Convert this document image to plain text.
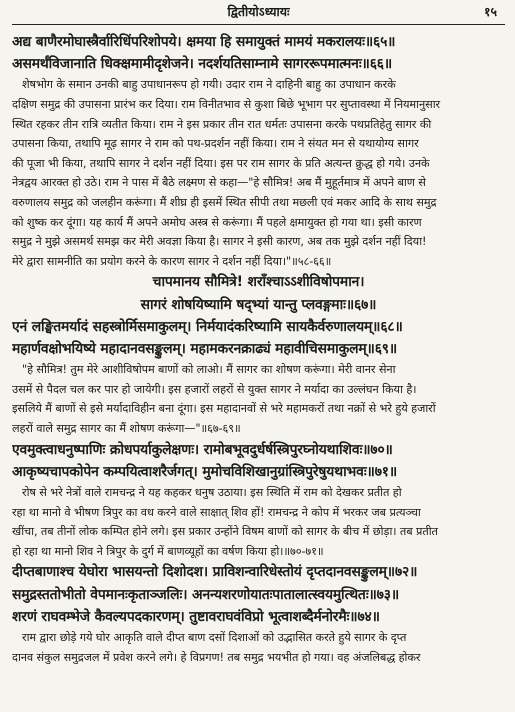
द्वितीयोऽध्यायः	१५
अद्य बाणैरमोघास्त्रैर्वारिधिंपरिशोपये। क्षमया हि समायुक्तं मामयं मकरालयः॥६५॥
असमर्थंविजानाति धिक्क्षमामीदृशेजने। नदर्शयतिसाम्नामे सागररूपमात्मनः॥६६॥
शेषभोग के समान उनकी बाहु उपाधानरूप हो गयी। उदार राम ने दाहिनी बाहु का उपाधान करके
दक्षिण समुद्र की उपासना प्रारंभ कर दिया। राम विनीतभाव से कुशा बिछे भूभाग पर सुप्तावस्था में नियमानुसार
स्थित रहकर तीन रात्रि व्यतीत किया। राम ने इस प्रकार तीन रात धर्मतः उपासना करके पथप्रतिहेतु सागर की
उपासना किया, तथापि मूढ़ सागर ने राम को पथ-प्रदर्शन नहीं किया। राम ने संयत मन से यथायोग्य सागर
की पूजा भी किया, तथापि सागर ने दर्शन नहीं दिया। इस पर राम सागर के प्रति अत्यन्त क्रुद्ध हो गये। उनके
नेत्रद्वय आरक्त हो उठे। राम ने पास में बैठे लक्ष्मण से कहा—"हे सौमित्र! अब मैं मुहूर्तमात्र में अपने बाण से
वरुणालय समुद्र को जलहीन करूंगा। मैं शीघ्र ही इसमें स्थित सीपी तथा मछली एवं मकर आदि के साथ समुद्र
को शुष्क कर दूंगा। यह कार्य मैं अपने अमोघ अस्त्र से करूंगा। मैं पहले क्षमायुक्त हो गया था। इसी कारण
समुद्र ने मुझे असमर्थ समझ कर मेरी अवज्ञा किया है। सागर ने इसी कारण, अब तक मुझे दर्शन नहीं दिया!
मेरे द्वारा सामनीति का प्रयोग करने के कारण सागर ने दर्शन नहीं दिया।"॥५८-६६॥
चापमानय सौमित्रे! शराँश्चाऽऽशीविषोपमान।
सागरं शोषयिष्यामि षद्भ्यां यान्तु प्लवङ्गमाः॥६७॥
एनं लङ्घितमर्यादं सहस्त्रोर्मिसमाकुलम्। निर्मयादंकरिष्यामि सायकैर्वरुणालयम्॥६८॥
महार्णवक्षोभयिष्ये महादानवसङ्कुलम्। महामकरनक्राढ्यं महावीचिसमाकुलम्॥६९॥
"हे सौमित्र! तुम मेरे आशीविषोपम बाणों को लाओ। मैं सागर का शोषण करूंगा। मेरी वानर सेना
उसमें से पैदल चल कर पार हो जायेगी। इस हजारों लहरों से युक्त सागर ने मर्यादा का उल्लंघन किया है।
इसलिये मैं बाणों से इसे मर्यादाविहीन बना दूंगा। इस महादानवों से भरे महामकरों तथा नक्रों से भरे हुये हजारों
लहरों वाले समुद्र सागर का मैं शोषण करूंगा—"॥६७-६९॥
एवमुक्त्वाधनुष्पाणिः क्रोधपर्याकुलेक्षणः। रामोबभूवदुर्धर्षस्त्रिपुरघ्नोयथाशिवः॥७०॥
आकृष्यचापकोपेन कम्पयित्वाशरैर्जगत्। मुमोचविशिखानुग्रांस्त्रिपुरेषुयथाभवः॥७१॥
रोष से भरे नेत्रों वाले रामचन्द्र ने यह कहकर धनुष उठाया। इस स्थिति में राम को देखकर प्रतीत हो
रहा था मानो वे भीषण त्रिपुर का वध करने वाले साक्षात् शिव हों! रामचन्द्र ने कोप में भरकर जब प्रत्यञ्चा
खींचा, तब तीनों लोक कम्पित होने लगे। इस प्रकार उन्होंने विषम बाणों को सागर के बीच में छोड़ा। तब प्रतीत
हो रहा था मानो शिव ने त्रिपुर के दुर्ग में बाणव्यूहों का वर्षण किया हो।॥७०-७१॥
दीप्तबाणाश्च येघोरा भासयन्तो दिशोदश। प्राविशन्वारिधेस्तोयं दृप्तदानवसङ्कुलम्॥७२॥
समुद्रस्ततोभीतो वेपमानःकृताञ्जलिः। अनन्यशरणोयातःपातालात्स्वयमुत्थितः॥७३॥
शरणं राघवम्भेजे कैवल्यपदकारणम्। तुष्टावराघवंविप्रो भूत्वाशब्दैर्मनोरमैः॥७४॥
राम द्वारा छोड़े गये घोर आकृति वाले दीप्त बाण दसों दिशाओं को उद्भासित करते हुये सागर के दृप्त
दानव संकुल समुद्रजल में प्रवेश करने लगे। हे विप्रगण! तब समुद्र भयभीत हो गया। वह अंजलिबद्ध होकर
